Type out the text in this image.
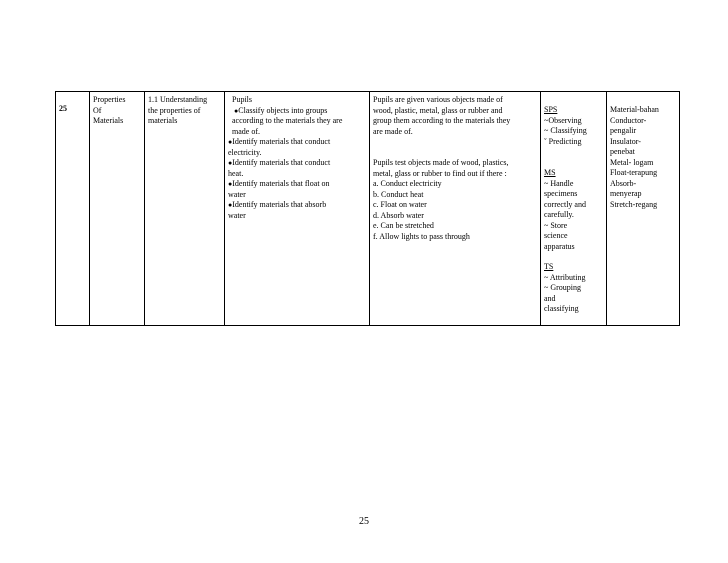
25	
Properties
Of
Materials

1.1 Understanding
the properties of
materials

Pupils
●Classify objects into groups
according to the materials they are
made of.
●Identify materials that conduct
electricity.
●Identify materials that conduct
heat.
●Identify materials that float on
water
●Identify materials that absorb
water

Pupils are given various objects made of
wood, plastic, metal, glass or rubber and
group them according to the materials they
are made of.
Pupils test objects made of wood, plastics,
metal, glass or rubber to find out if there :
a. Conduct electricity
b. Conduct heat
c. Float on water
d. Absorb water
e. Can be stretched
f. Allow lights to pass through

SPS
~Observing
~ Classifying
ˇ Predicting
MS
~ Handle
specimens
correctly and
carefully.
~ Store
science
apparatus
TS
~ Attributing
~ Grouping
and
classifying

Material-bahan
Conductor-
pengalir
Insulator-
penebat
Metal- logam
Float-terapung
Absorb-
menyerap
Stretch-regang
25
